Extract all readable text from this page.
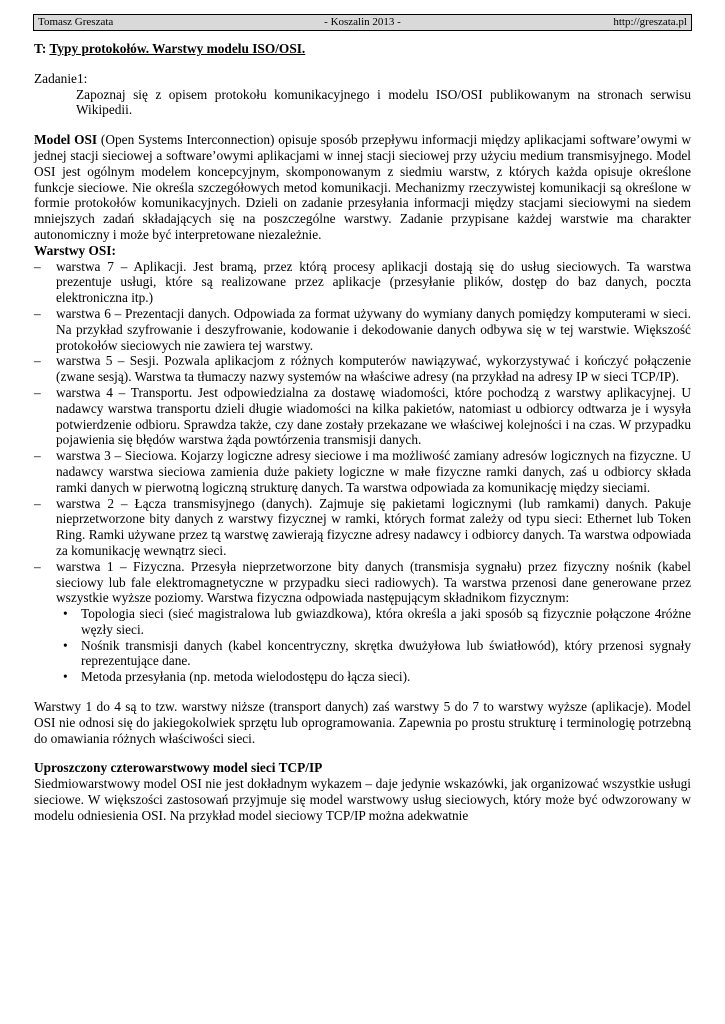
- Koszalin 2013 -
Tomasz Greszata	http://greszata.pl

T: Typy protokołów. Warstwy modelu ISO/OSI.

Zadanie1:

Zapoznaj się z opisem protokołu komunikacyjnego i modelu ISO/OSI publikowanym na stronach serwisu Wikipedii.

Model OSI (Open Systems Interconnection) opisuje sposób przepływu informacji między aplikacjami software’owymi w jednej stacji sieciowej a software’owymi aplikacjami w innej stacji sieciowej przy użyciu medium transmisyjnego. Model OSI jest ogólnym modelem koncepcyjnym, skomponowanym z siedmiu warstw, z których każda opisuje określone funkcje sieciowe. Nie określa szczegółowych metod komunikacji. Mechanizmy rzeczywistej komunikacji są określone w formie protokołów komunikacyjnych. Dzieli on zadanie przesyłania informacji między stacjami sieciowymi na siedem mniejszych zadań składających się na poszczególne warstwy. Zadanie przypisane każdej warstwie ma charakter autonomiczny i może być interpretowane niezależnie.

Warstwy OSI:

– warstwa 7 – Aplikacji. Jest bramą, przez którą procesy aplikacji dostają się do usług sieciowych. Ta warstwa prezentuje usługi, które są realizowane przez aplikacje (przesyłanie plików, dostęp do baz danych, poczta elektroniczna itp.)
– warstwa 6 – Prezentacji danych. Odpowiada za format używany do wymiany danych pomiędzy komputerami w sieci. Na przykład szyfrowanie i deszyfrowanie, kodowanie i dekodowanie danych odbywa się w tej warstwie. Większość protokołów sieciowych nie zawiera tej warstwy.
– warstwa 5 – Sesji. Pozwala aplikacjom z różnych komputerów nawiązywać, wykorzystywać i kończyć połączenie (zwane sesją). Warstwa ta tłumaczy nazwy systemów na właściwe adresy (na przykład na adresy IP w sieci TCP/IP).
– warstwa 4 – Transportu. Jest odpowiedzialna za dostawę wiadomości, które pochodzą z warstwy aplikacyjnej. U nadawcy warstwa transportu dzieli długie wiadomości na kilka pakietów, natomiast u odbiorcy odtwarza je i wysyła potwierdzenie odbioru. Sprawdza także, czy dane zostały przekazane we właściwej kolejności i na czas. W przypadku pojawienia się błędów warstwa żąda powtórzenia transmisji danych.
– warstwa 3 – Sieciowa. Kojarzy logiczne adresy sieciowe i ma możliwość zamiany adresów logicznych na fizyczne. U nadawcy warstwa sieciowa zamienia duże pakiety logiczne w małe fizyczne ramki danych, zaś u odbiorcy składa ramki danych w pierwotną logiczną strukturę danych. Ta warstwa odpowiada za komunikację między sieciami.
– warstwa 2 – Łącza transmisyjnego (danych). Zajmuje się pakietami logicznymi (lub ramkami) danych. Pakuje nieprzetworzone bity danych z warstwy fizycznej w ramki, których format zależy od typu sieci: Ethernet lub Token Ring. Ramki używane przez tą warstwę zawierają fizyczne adresy nadawcy i odbiorcy danych. Ta warstwa odpowiada za komunikację wewnątrz sieci.
– warstwa 1 – Fizyczna. Przesyła nieprzetworzone bity danych (transmisja sygnału) przez fizyczny nośnik (kabel sieciowy lub fale elektromagnetyczne w przypadku sieci radiowych). Ta warstwa przenosi dane generowane przez wszystkie wyższe poziomy. Warstwa fizyczna odpowiada następującym składnikom fizycznym:
• Topologia sieci (sieć magistralowa lub gwiazdkowa), która określa a jaki sposób są fizycznie połączone 4różne węzły sieci.
• Nośnik transmisji danych (kabel koncentryczny, skrętka dwużyłowa lub światłowód), który przenosi sygnały reprezentujące dane.
• Metoda przesyłania (np. metoda wielodostępu do łącza sieci).

Warstwy 1 do 4 są to tzw. warstwy niższe (transport danych) zaś warstwy 5 do 7 to warstwy wyższe (aplikacje). Model OSI nie odnosi się do jakiegokolwiek sprzętu lub oprogramowania. Zapewnia po prostu strukturę i terminologię potrzebną do omawiania różnych właściwości sieci.

Uproszczony czterowarstwowy model sieci TCP/IP

Siedmiowarstwowy model OSI nie jest dokładnym wykazem – daje jedynie wskazówki, jak organizować wszystkie usługi sieciowe. W większości zastosowań przyjmuje się model warstwowy usług sieciowych, który może być odwzorowany w modelu odniesienia OSI. Na przykład model sieciowy TCP/IP można adekwatnie
